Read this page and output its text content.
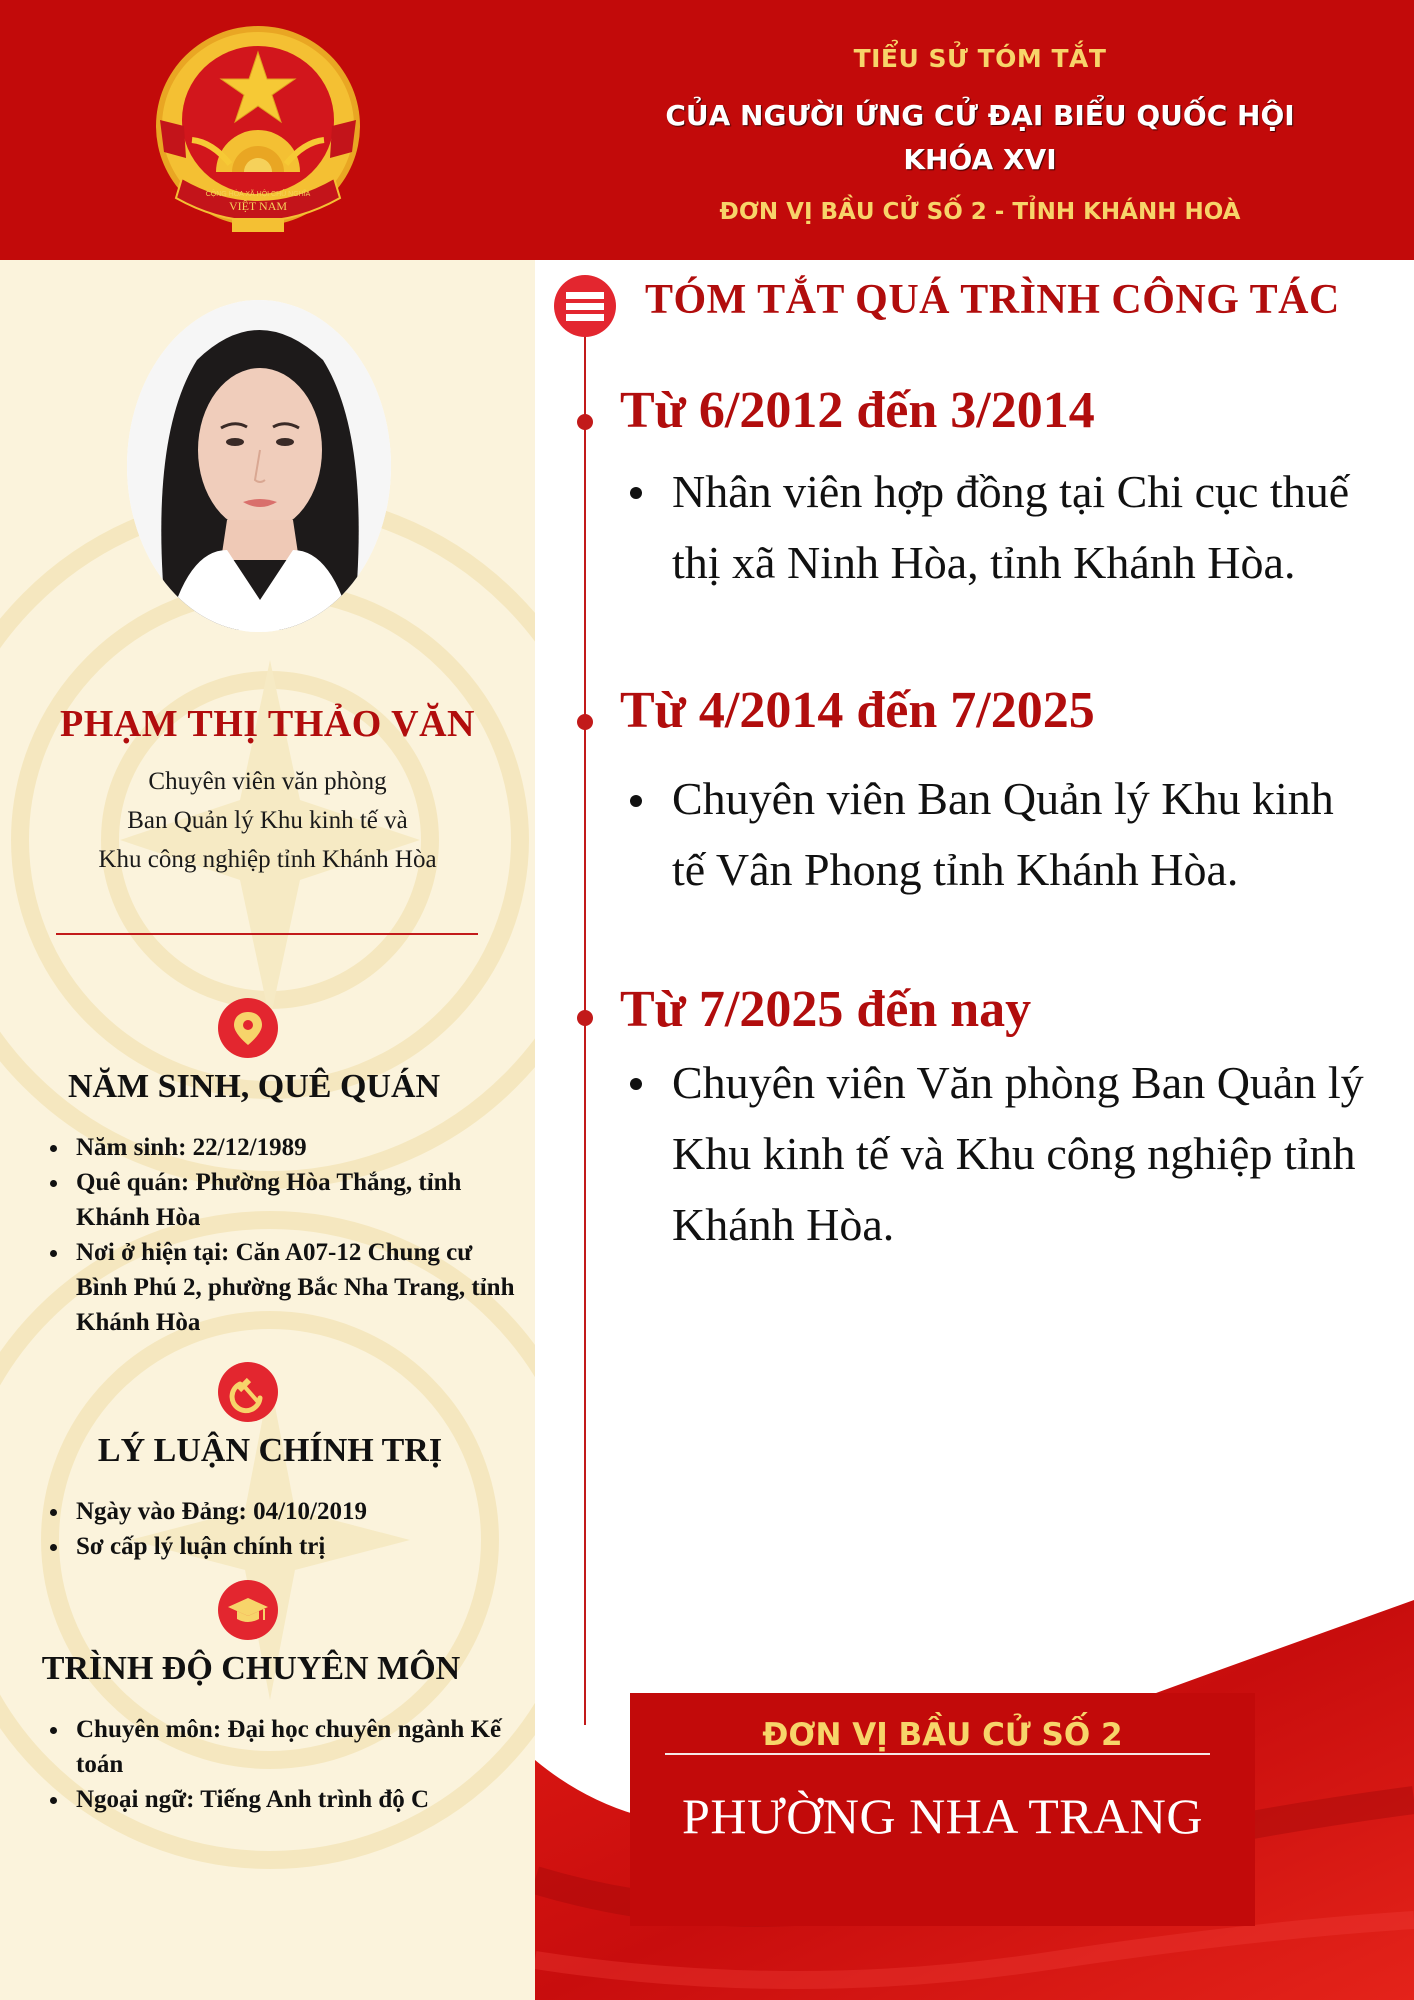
CỘNG HÒA XÃ HỘI CHỦ NGHĨA
VIỆT NAM
TIỂU SỬ TÓM TẮT
CỦA NGƯỜI ỨNG CỬ ĐẠI BIỂU QUỐC HỘI
KHÓA XVI
ĐƠN VỊ BẦU CỬ SỐ 2 - TỈNH KHÁNH HOÀ
PHẠM THỊ THẢO VĂN
Chuyên viên văn phòng
Ban Quản lý Khu kinh tế và
Khu công nghiệp tỉnh Khánh Hòa
NĂM SINH, QUÊ QUÁN
Năm sinh: 22/12/1989
Quê quán: Phường Hòa Thắng, tỉnh Khánh Hòa
Nơi ở hiện tại: Căn A07-12 Chung cư Bình Phú 2, phường Bắc Nha Trang, tỉnh Khánh Hòa
LÝ LUẬN CHÍNH TRỊ
Ngày vào Đảng: 04/10/2019
Sơ cấp lý luận chính trị
TRÌNH ĐỘ CHUYÊN MÔN
Chuyên môn: Đại học chuyên ngành Kế toán
Ngoại ngữ: Tiếng Anh trình độ C
TÓM TẮT QUÁ TRÌNH CÔNG TÁC
Từ 6/2012 đến 3/2014
Nhân viên hợp đồng tại Chi cục thuế thị xã Ninh Hòa, tỉnh Khánh Hòa.
Từ 4/2014 đến 7/2025
Chuyên viên Ban Quản lý Khu kinh tế Vân Phong tỉnh Khánh Hòa.
Từ 7/2025 đến nay
Chuyên viên Văn phòng Ban Quản lý Khu kinh tế và Khu công nghiệp tỉnh Khánh Hòa.
ĐƠN VỊ BẦU CỬ SỐ 2
PHƯỜNG NHA TRANG
